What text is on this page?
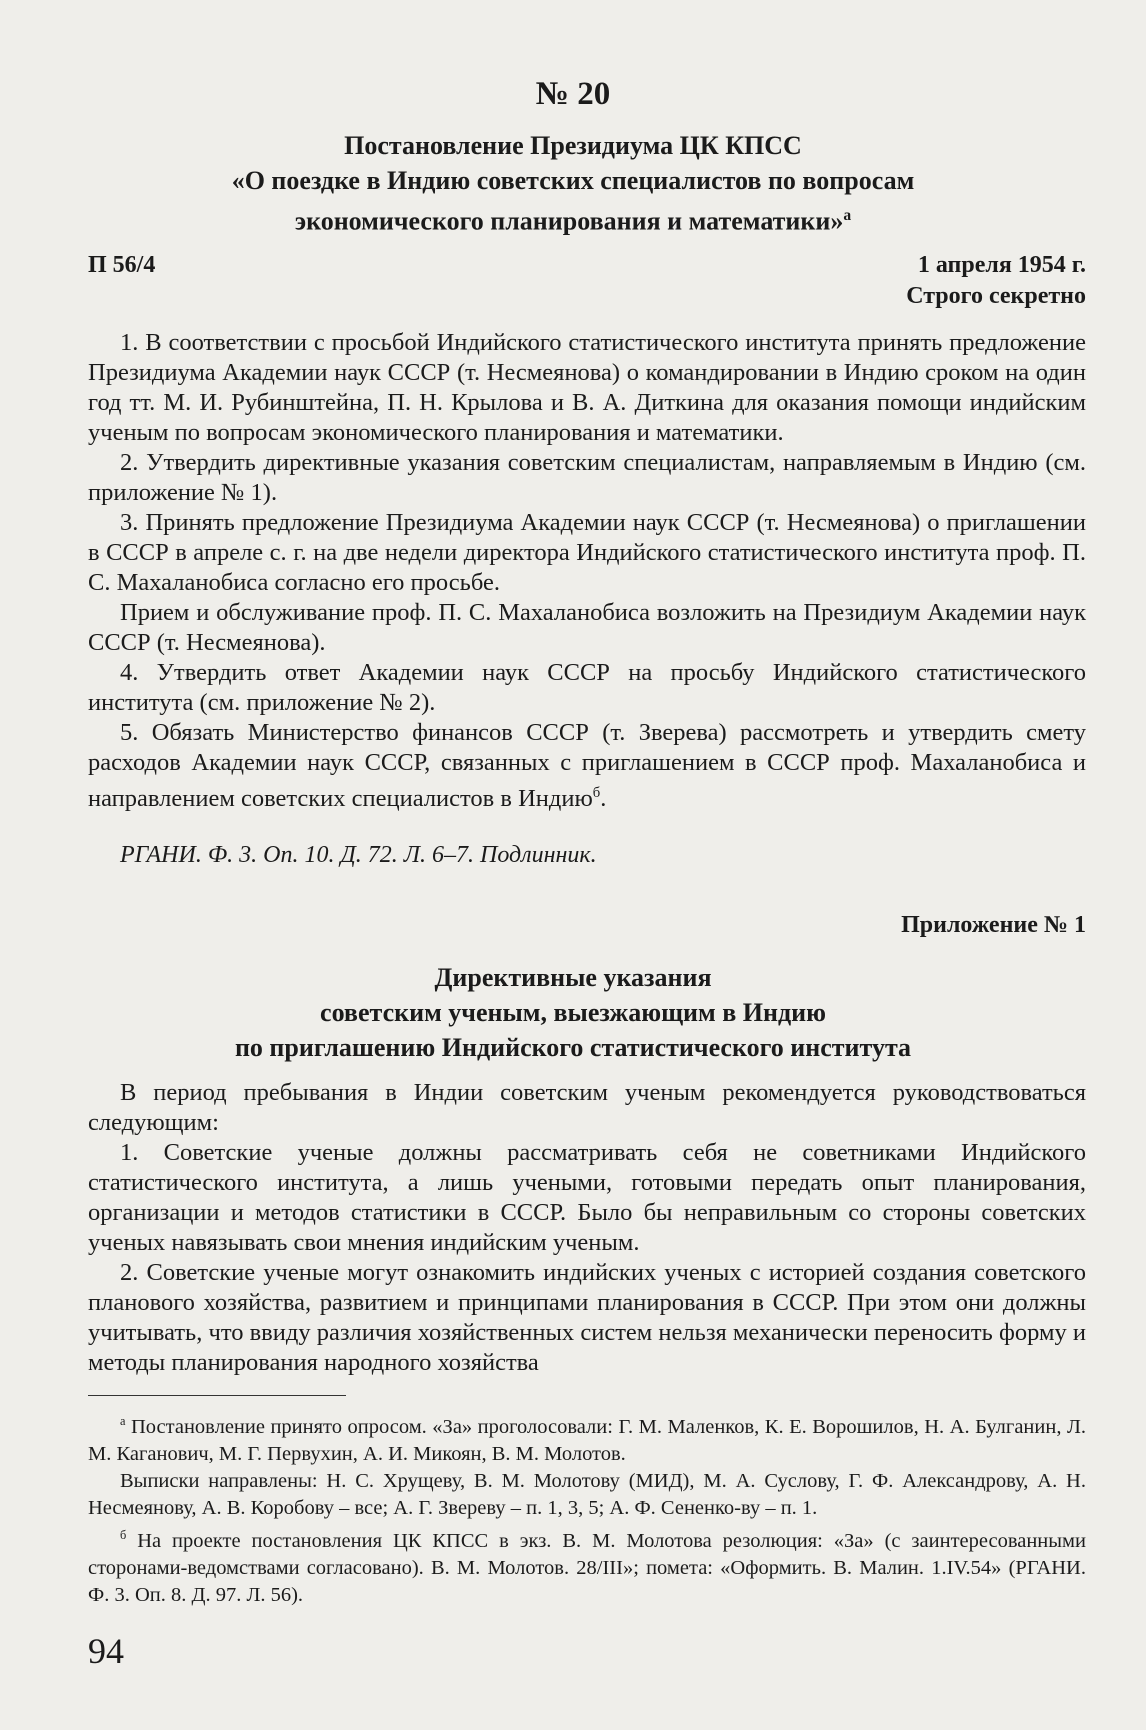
№ 20
Постановление Президиума ЦК КПСС
«О поездке в Индию советских специалистов по вопросам
экономического планирования и математики»$^а$
П 56/4	1 апреля 1954 г.
Строго секретно
1. В соответствии с просьбой Индийского статистического института принять предложение Президиума Академии наук СССР (т. Несмеянова) о командировании в Индию сроком на один год тт. М. И. Рубинштейна, П. Н. Крылова и В. А. Диткина для оказания помощи индийским ученым по вопросам экономического планирования и математики.
2. Утвердить директивные указания советским специалистам, направляемым в Индию (см. приложение № 1).
3. Принять предложение Президиума Академии наук СССР (т. Несмеянова) о приглашении в СССР в апреле с. г. на две недели директора Индийского статистического института проф. П. С. Махаланобиса согласно его просьбе.
Прием и обслуживание проф. П. С. Махаланобиса возложить на Президиум Академии наук СССР (т. Несмеянова).
4. Утвердить ответ Академии наук СССР на просьбу Индийского статистического института (см. приложение № 2).
5. Обязать Министерство финансов СССР (т. Зверева) рассмотреть и утвердить смету расходов Академии наук СССР, связанных с приглашением в СССР проф. Махаланобиса и направлением советских специалистов в Индию$^б$.
РГАНИ. Ф. 3. Оп. 10. Д. 72. Л. 6–7. Подлинник.
Приложение № 1
Директивные указания
советским ученым, выезжающим в Индию
по приглашению Индийского статистического института
В период пребывания в Индии советским ученым рекомендуется руководствоваться следующим:
1. Советские ученые должны рассматривать себя не советниками Индийского статистического института, а лишь учеными, готовыми передать опыт планирования, организации и методов статистики в СССР. Было бы неправильным со стороны советских ученых навязывать свои мнения индийским ученым.
2. Советские ученые могут ознакомить индийских ученых с историей создания советского планового хозяйства, развитием и принципами планирования в СССР. При этом они должны учитывать, что ввиду различия хозяйственных систем нельзя механически переносить форму и методы планирования народного хозяйства
$^а$ Постановление принято опросом. «За» проголосовали: Г. М. Маленков, К. Е. Ворошилов, Н. А. Булганин, Л. М. Каганович, М. Г. Первухин, А. И. Микоян, В. М. Молотов.
Выписки направлены: Н. С. Хрущеву, В. М. Молотову (МИД), М. А. Суслову, Г. Ф. Александрову, А. Н. Несмеянову, А. В. Коробову – все; А. Г. Звереву – п. 1, 3, 5; А. Ф. Сененко-ву – п. 1.
$^б$ На проекте постановления ЦК КПСС в экз. В. М. Молотова резолюция: «За» (с заинтересованными сторонами-ведомствами согласовано). В. М. Молотов. 28/III»; помета: «Оформить. В. Малин. 1.IV.54» (РГАНИ. Ф. 3. Оп. 8. Д. 97. Л. 56).
94
